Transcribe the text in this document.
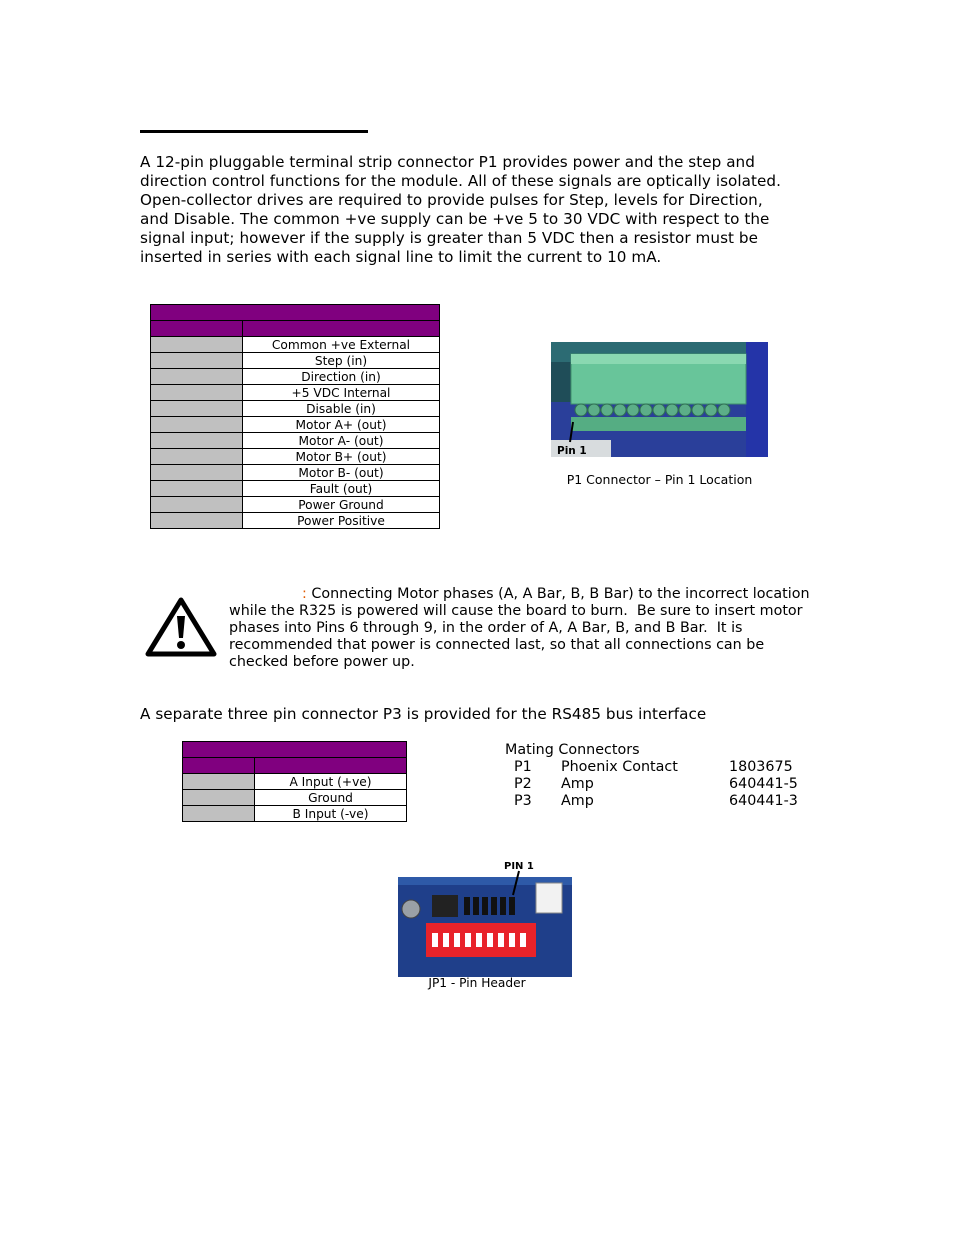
A 12-pin pluggable terminal strip connector P1 provides power and the step and
direction control functions for the module. All of these signals are optically isolated.
Open-collector drives are required to provide pulses for Step, levels for Direction,
and Disable. The common +ve supply can be +ve 5 to 30 VDC with respect to the
signal input; however if the supply is greater than 5 VDC then a resistor must be
inserted in series with each signal line to limit the current to 10 mA.

	Common +ve External
	Step (in)
	Direction (in)
	+5 VDC Internal
	Disable (in)
	Motor A+ (out)
	Motor A- (out)
	Motor B+ (out)
	Motor B- (out)
	Fault (out)
	Power Ground
	Power Positive
Pin 1
P1 Connector – Pin 1 Location
: Connecting Motor phases (A, A Bar, B, B Bar) to the incorrect location
while the R325 is powered will cause the board to burn.  Be sure to insert motor
phases into Pins 6 through 9, in the order of A, A Bar, B, and B Bar.  It is
recommended that power is connected last, so that all connections can be
checked before power up.
A separate three pin connector P3 is provided for the RS485 bus interface

	A Input (+ve)
	Ground
	B Input (-ve)
Mating Connectors
P1 Phoenix Contact	1803675
P2 Amp	640441-5
P3 Amp	640441-3
PIN 1
JP1 - Pin Header
